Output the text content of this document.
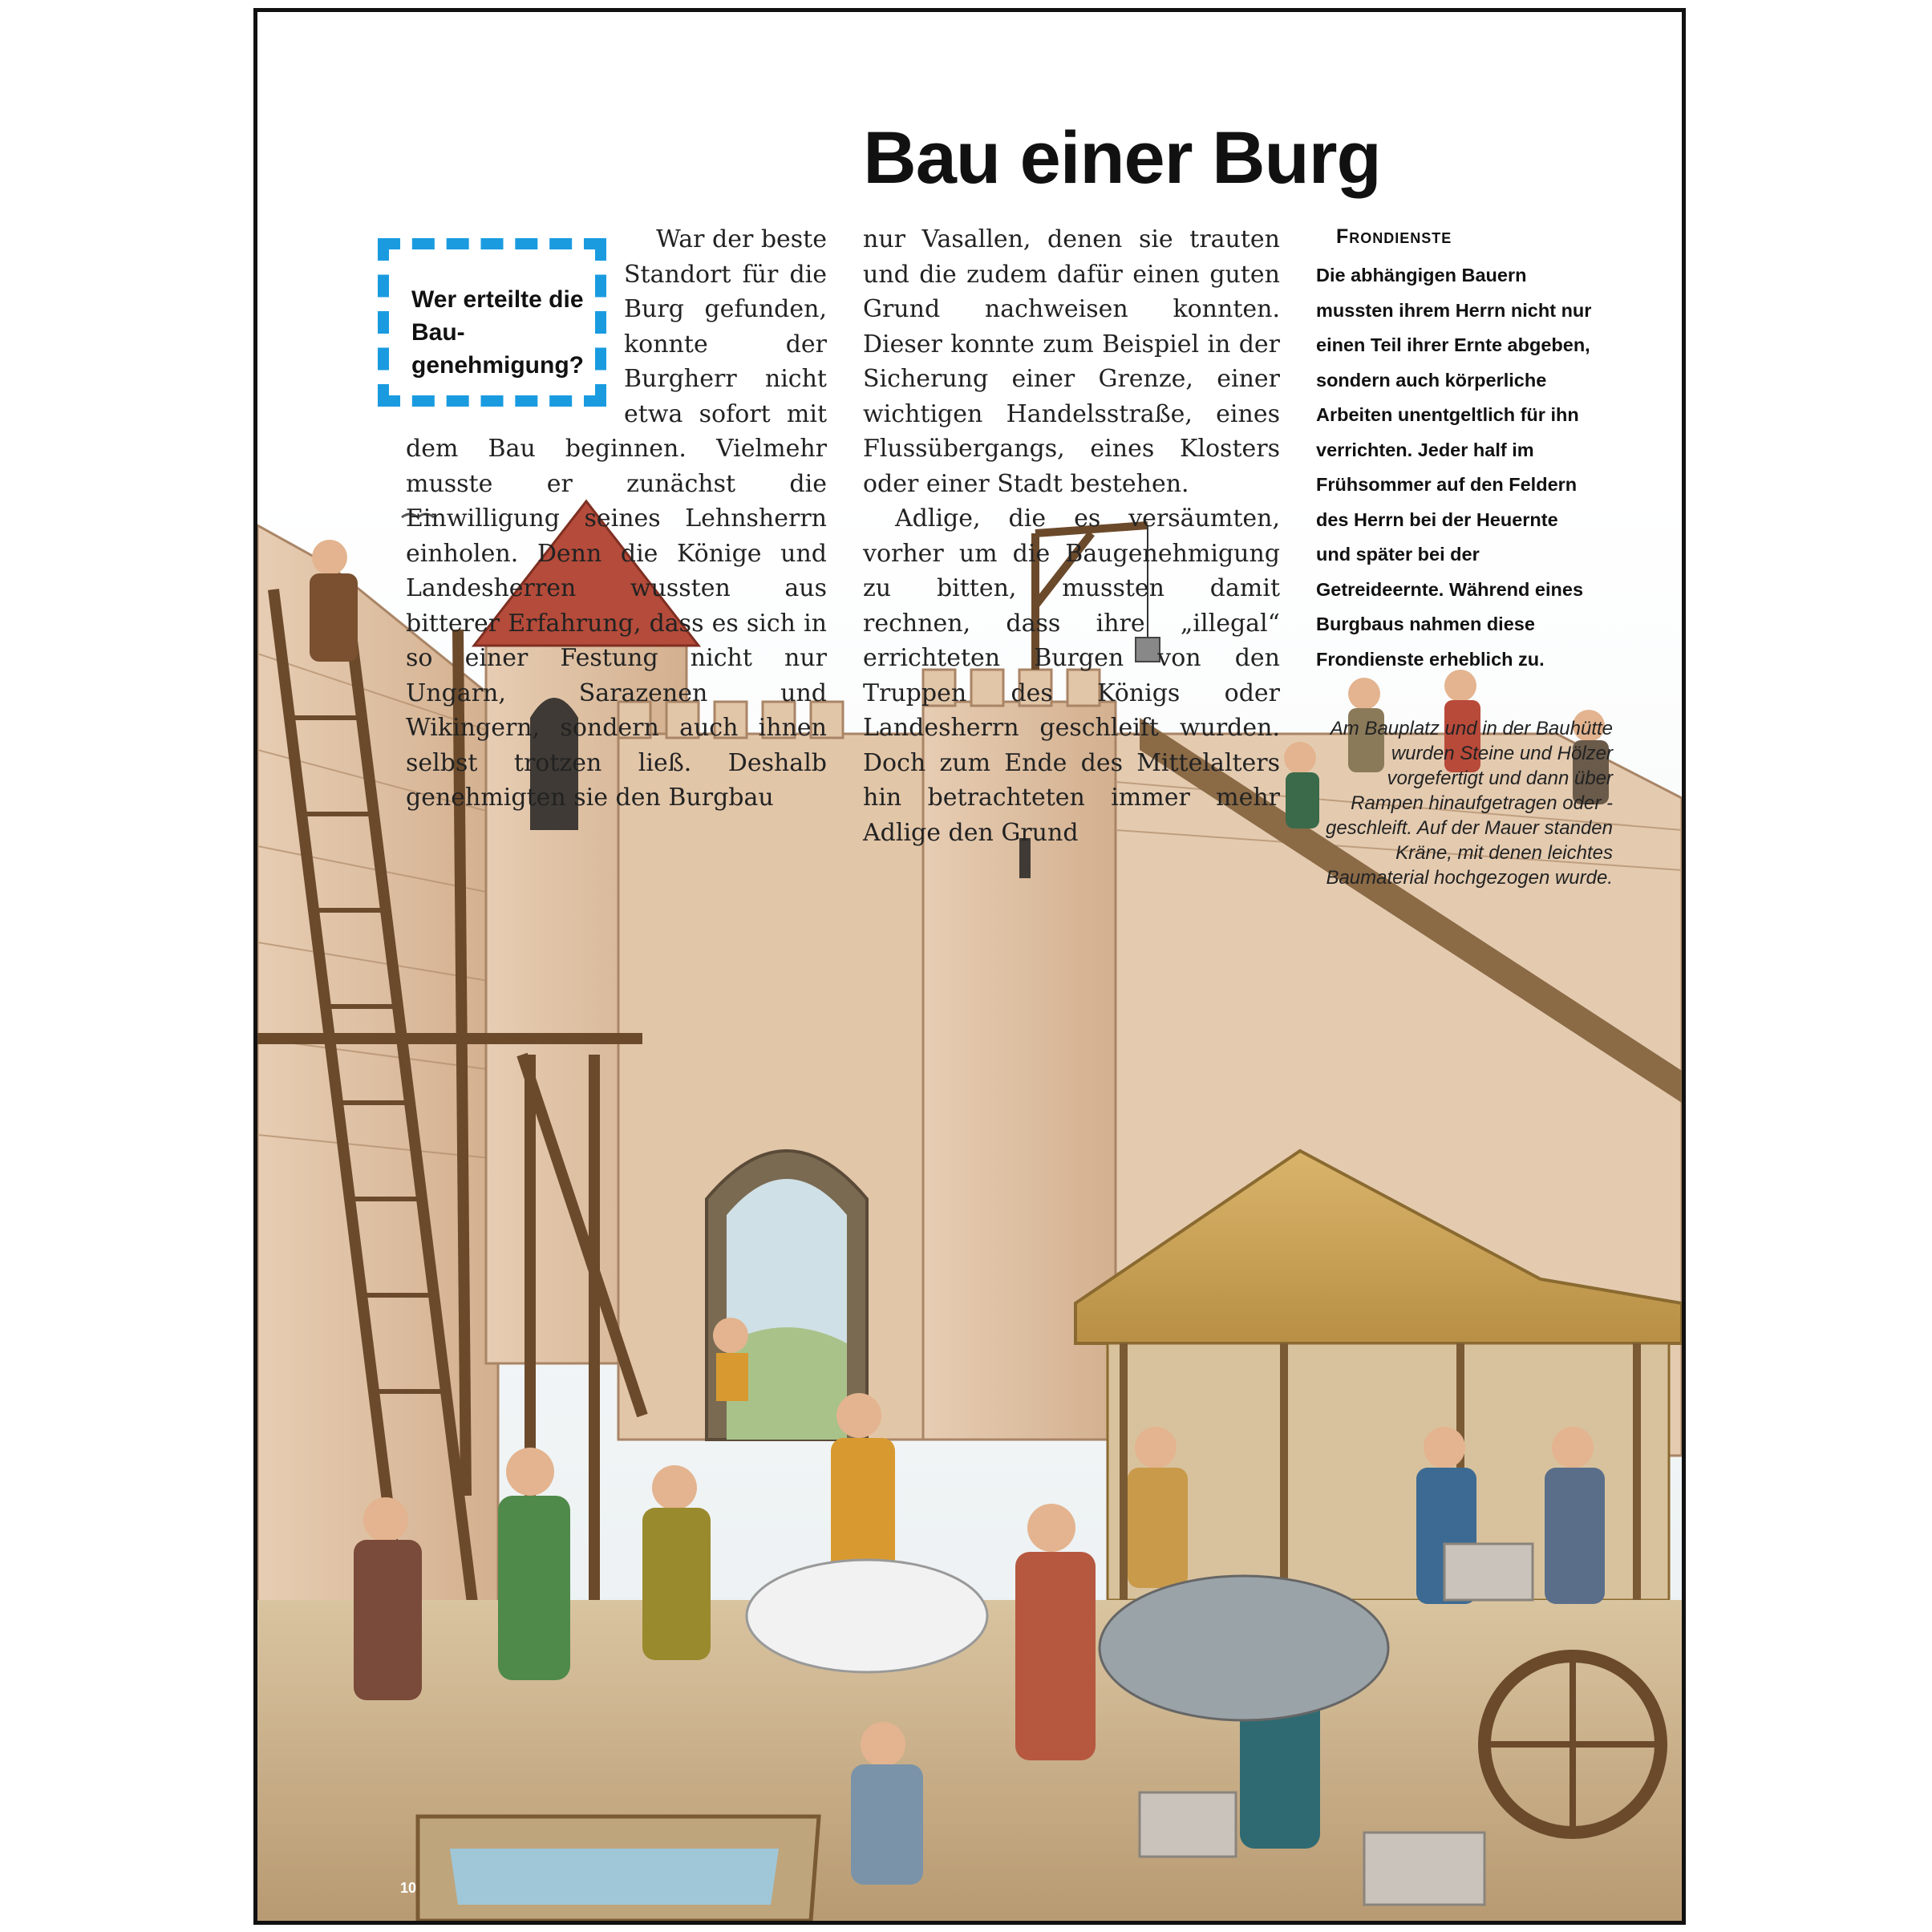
Bau einer Burg
Wer erteilte die Bau-genehmigung?

War der beste Standort für die Burg gefunden, konnte der Burgherr nicht etwa sofort mit dem Bau beginnen. Vielmehr musste er zunächst die Einwilligung seines Lehnsherrn einholen. Denn die Könige und Landesherren wussten aus bitterer Erfahrung, dass es sich in so einer Festung nicht nur Ungarn, Sarazenen und Wikingern, sondern auch ihnen selbst trotzen ließ. Deshalb genehmigten sie den Burgbau

nur Vasallen, denen sie trauten und die zudem dafür einen guten Grund nachweisen konnten. Dieser konnte zum Beispiel in der Sicherung einer Grenze, einer wichtigen Handelsstraße, eines Flussübergangs, eines Klosters oder einer Stadt bestehen.

Adlige, die es versäumten, vorher um die Baugenehmigung zu bitten, mussten damit rechnen, dass ihre „illegal“ errichteten Burgen von den Truppen des Königs oder Landesherrn geschleift wurden. Doch zum Ende des Mittelalters hin betrachteten immer mehr Adlige den Grund

Frondienste
Die abhängigen Bauern mussten ihrem Herrn nicht nur einen Teil ihrer Ernte abgeben, sondern auch körperliche Arbeiten unentgeltlich für ihn verrichten. Jeder half im Frühsommer auf den Feldern des Herrn bei der Heuernte und später bei der Getreideernte. Während eines Burgbaus nahmen diese Frondienste erheblich zu.
Am Bauplatz und in der Bauhütte wurden Steine und Hölzer vorgefertigt und dann über Rampen hinaufgetragen oder -geschleift. Auf der Mauer standen Kräne, mit denen leichtes Baumaterial hochgezogen wurde.
10
